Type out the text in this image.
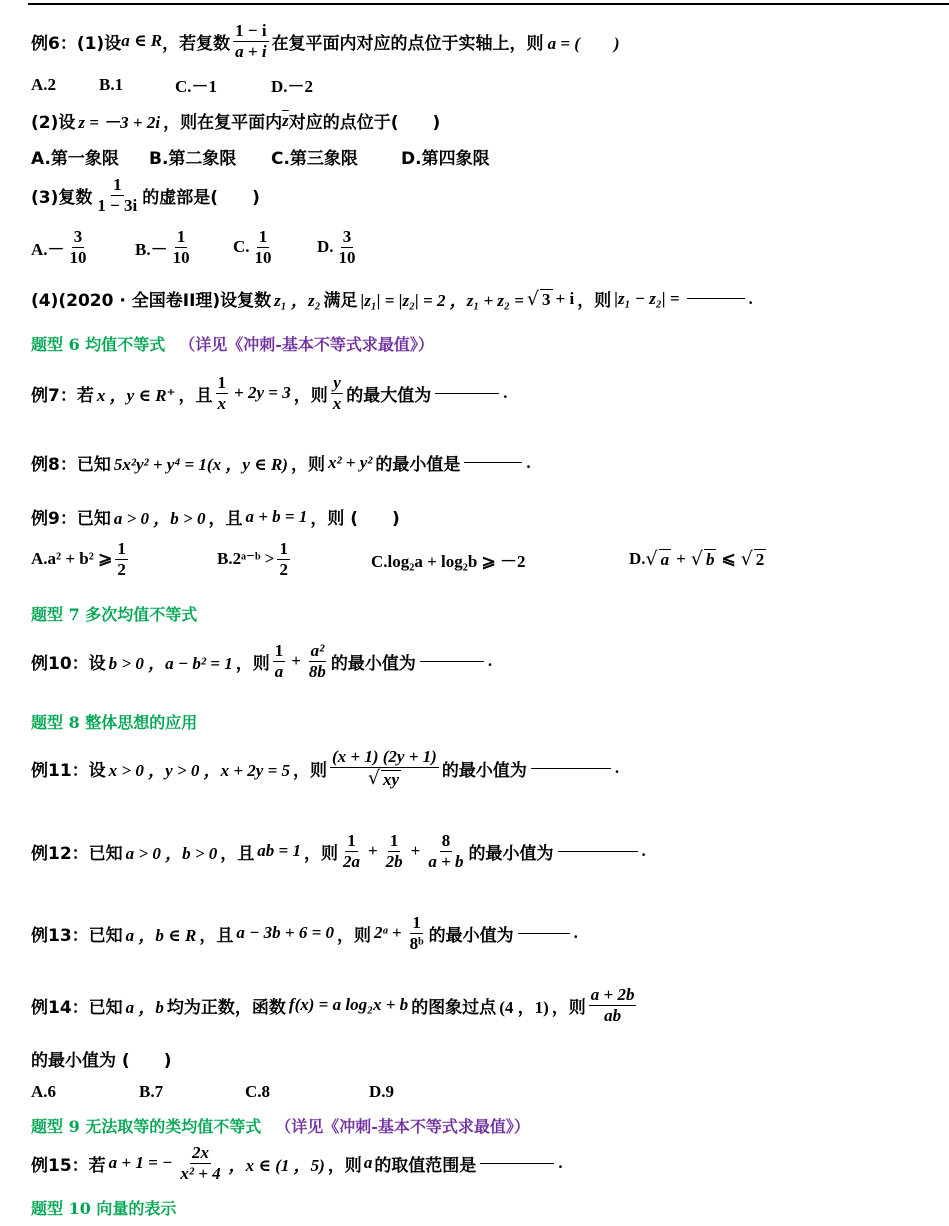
例6：(1)设 a ∈ R ，若复数 $\frac{1 - i}{a + i}$ 在复平面内对应的点位于实轴上，则 a = (　　)
A.2	B.1	C.－1	D.－2
(2)设 z = －3 + 2i ，则在复平面内 $\overline{z}$ 对应的点位于(　　)
A.第一象限	B.第二象限	C.第三象限	D.第四象限
(3)复数 $\frac{1}{1 - 3i}$ 的虚部是(　　)
$A.- \frac{3}{10}$	$B.- \frac{1}{10} C$. $\frac{1}{10}$	D. $\frac{3}{10}$
(4)(2020 · 全国卷II理)设复数 z₁ ，z₂ 满足 |z₁| = |z₂| = 2 ，z₁ + z₂ = √ 3 + i ，则 |z₁ − z₂| =	.
题型 6 均值不等式 （详见《冲刺-基本不等式求最值》）
例7：若 x ，y ∈ R⁺ ，且 $\frac{1}{x} + 2y = 3$ ，则 $\frac{y}{x}$ 的最大值为	.
例8：已知 5x²y² + y⁴ = 1(x ，y ∈ R) ，则 x² + y² 的最小值是	.
例9：已知 a > 0 ，b > 0 ，且 a + b = 1 ，则 (　　)
A.a² + b² ⩾ $\frac{1}{2}$	B.2ᵃ⁻ᵇ > $\frac{1}{2}$	C.log₂a + log₂b ⩾ －2	D. √ a + √ b ⩽ √ 2
题型 7 多次均值不等式
例10：设 b > 0 ，a − b² = 1 ，则 $\frac{1}{a} + \frac{\text{a²}}{8b}$ 的最小值为	.
题型 8 整体思想的应用
例11：设 x > 0 ，y > 0 ，x + 2y = 5 ，则 $\frac{(x + 1) (2y + 1)}{√ xy}$ 的最小值为	.
例12：已知 a > 0 ，b > 0 ，且 ab = 1 ，则 $\frac{1}{2a} + \frac{1}{2b} + \frac{8}{a + b}$ 的最小值为	.
例13：已知 a ，b ∈ R ，且 a − 3b + 6 = 0 ，则 2ᵃ + $\frac{1}{\text{8ᵇ}}$ 的最小值为	.
例14：已知 a ，b 均为正数，函数 f(x) = a log₂x + b 的图象过点 (4 ，1) ，则 $\frac{a + 2b}{ab}$
的最小值为 (　　)
A.6	B.7	C.8	D.9
题型 9 无法取等的类均值不等式 （详见《冲刺-基本不等式求最值》）
例15：若 a + 1 = − $\frac{2x}{\text{x² + 4}}$ ，x ∈ (1 ，5) ，则 a 的取值范围是	.
题型 10 向量的表示
